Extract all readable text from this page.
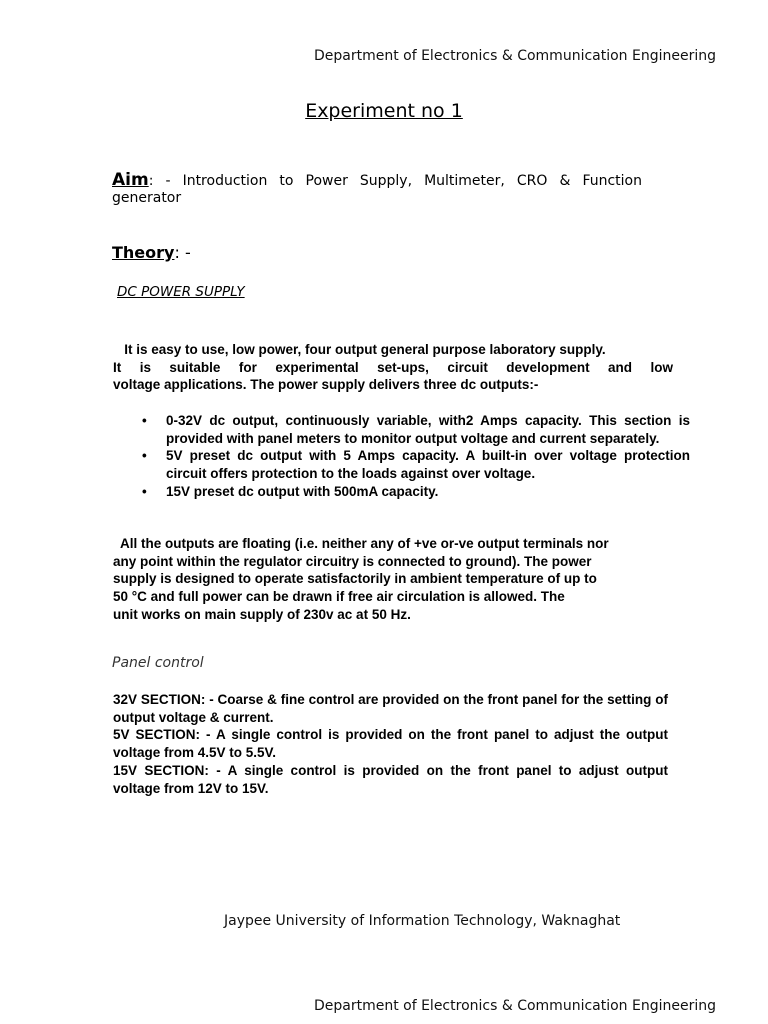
Department of Electronics & Communication Engineering
Experiment no 1
Aim: - Introduction to Power Supply, Multimeter, CRO & Function generator
Theory: -
DC POWER SUPPLY
It is easy to use, low power, four output general purpose laboratory supply.
It is suitable for experimental set-ups, circuit development and low
voltage applications. The power supply delivers three dc outputs:-
• 0-32V dc output, continuously variable, with2 Amps capacity. This section is provided with panel meters to monitor output voltage and current separately.
• 5V preset dc output with 5 Amps capacity. A built-in over voltage protection circuit offers protection to the loads against over voltage.
• 15V preset dc output with 500mA capacity.
All the outputs are floating (i.e. neither any of +ve or-ve output terminals nor
any point within the regulator circuitry is connected to ground). The power
supply is designed to operate satisfactorily in ambient temperature of up to
50 °C and full power can be drawn if free air circulation is allowed. The
unit works on main supply of 230v ac at 50 Hz.
Panel control
32V SECTION: - Coarse & fine control are provided on the front panel for the setting of output voltage & current.
5V SECTION: - A single control is provided on the front panel to adjust the output voltage from 4.5V to 5.5V.
15V SECTION: - A single control is provided on the front panel to adjust output voltage from 12V to 15V.
Jaypee University of Information Technology, Waknaghat
Department of Electronics & Communication Engineering
